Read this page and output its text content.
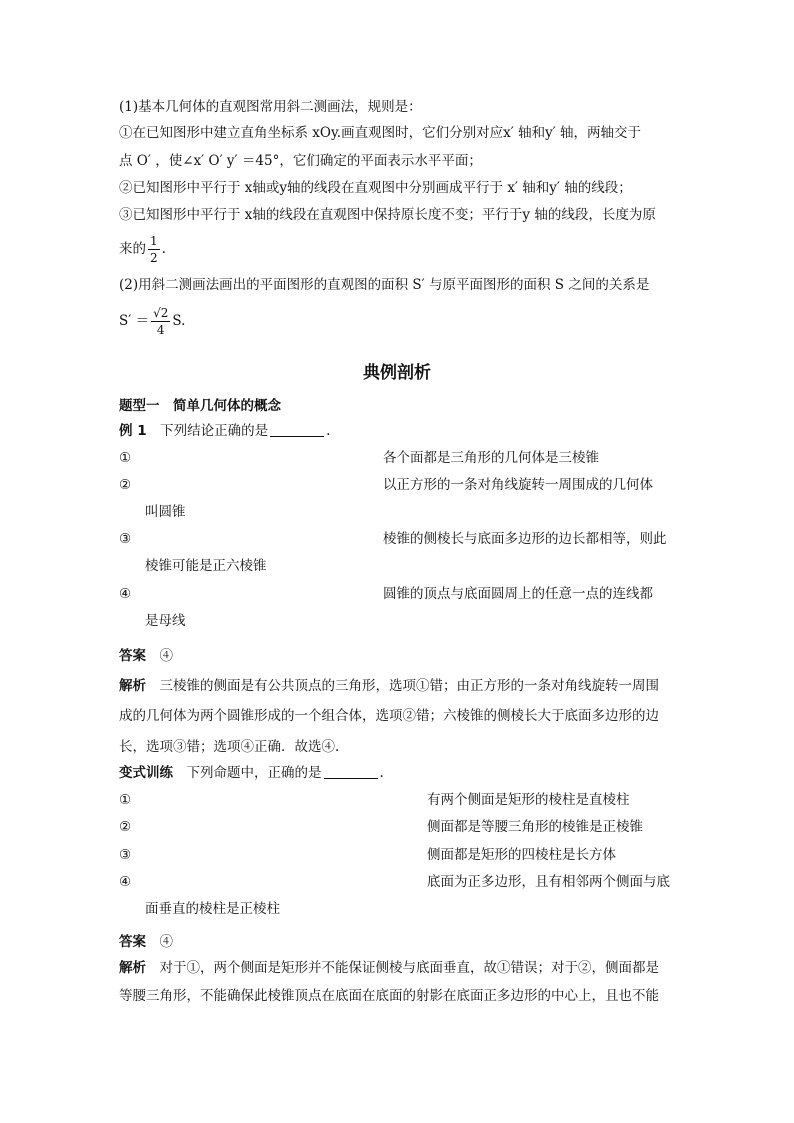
(1)基本几何体的直观图常用斜二测画法，规则是：
①在已知图形中建立直角坐标系 xOy.画直观图时，它们分别对应x′ 轴和y′ 轴，两轴交于
点 O′ ，使∠x′ O′ y′ ＝45°，它们确定的平面表示水平平面；
②已知图形中平行于 x轴或y轴的线段在直观图中分别画成平行于 x′ 轴和y′ 轴的线段；
③已知图形中平行于 x轴的线段在直观图中保持原长度不变；平行于y 轴的线段，长度为原
来的 $\frac{1}{2}$ .
(2)用斜二测画法画出的平面图形的直观图的面积 S′ 与原平面图形的面积 S 之间的关系是
$S' = \frac{√2}{4} S$.
典例剖析
题型一　简单几何体的概念
例 1　 下列结论正确的是	.
①	各个面都是三角形的几何体是三棱锥
②	以正方形的一条对角线旋转一周围成的几何体
叫圆锥
③	棱锥的侧棱长与底面多边形的边长都相等，则此
棱锥可能是正六棱锥
④	圆锥的顶点与底面圆周上的任意一点的连线都
是母线
答案　 ④
解析　 三棱锥的侧面是有公共顶点的三角形，选项①错；由正方形的一条对角线旋转一周围
成的几何体为两个圆锥形成的一个组合体，选项②错；六棱锥的侧棱长大于底面多边形的边
长，选项③错；选项④正确．故选④.
变式训练　 下列命题中，正确的是	.
①	有两个侧面是矩形的棱柱是直棱柱
②	侧面都是等腰三角形的棱锥是正棱锥
③	侧面都是矩形的四棱柱是长方体
④	底面为正多边形，且有相邻两个侧面与底
面垂直的棱柱是正棱柱
答案　 ④
解析　 对于①，两个侧面是矩形并不能保证侧棱与底面垂直，故①错误；对于②，侧面都是
等腰三角形，不能确保此棱锥顶点在底面在底面的射影在底面正多边形的中心上，且也不能
